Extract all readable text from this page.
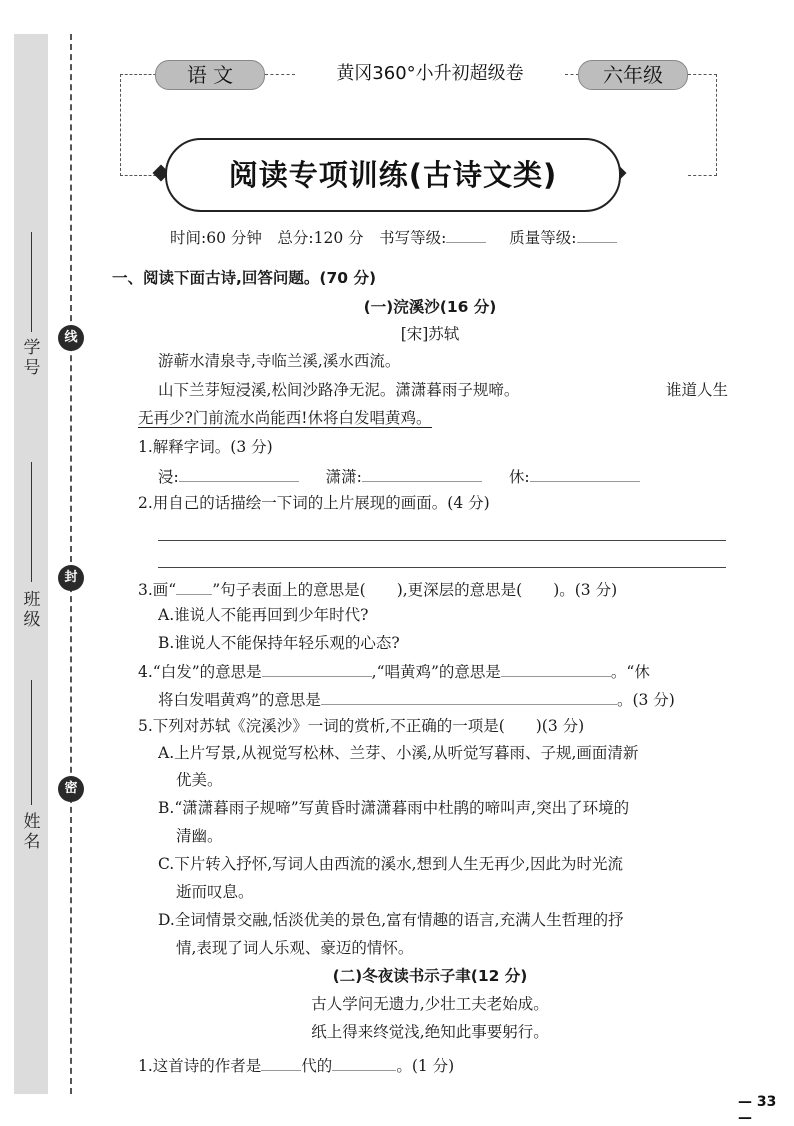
学号
班级
姓名
线
封
密
语 文	黄冈360°小升初超级卷	六年级
阅读专项训练(古诗文类)
时间:60 分钟　总分:120 分　书写等级:	质量等级:
一、阅读下面古诗,回答问题。(70 分)
(一)浣溪沙(16 分)
[宋]苏轼
游蕲水清泉寺,寺临兰溪,溪水西流。
山下兰芽短浸溪,松间沙路净无泥。潇潇暮雨子规啼。	谁道人生
无再少?门前流水尚能西!休将白发唱黄鸡。
1.解释字词。(3 分)
浸:	潇潇:	休:
2.用自己的话描绘一下词的上片展现的画面。(4 分)
3.画“ ”句子表面上的意思是(　　),更深层的意思是(　　)。(3 分)
A.谁说人不能再回到少年时代?
B.谁说人不能保持年轻乐观的心态?
4.“白发”的意思是	,“唱黄鸡”的意思是	。“休
将白发唱黄鸡”的意思是	。(3 分)
5.下列对苏轼《浣溪沙》一词的赏析,不正确的一项是(　　)(3 分)
A.上片写景,从视觉写松林、兰芽、小溪,从听觉写暮雨、子规,画面清新
优美。
B.“潇潇暮雨子规啼”写黄昏时潇潇暮雨中杜鹃的啼叫声,突出了环境的
清幽。
C.下片转入抒怀,写词人由西流的溪水,想到人生无再少,因此为时光流
逝而叹息。
D.全词情景交融,恬淡优美的景色,富有情趣的语言,充满人生哲理的抒
情,表现了词人乐观、豪迈的情怀。
(二)冬夜读书示子聿(12 分)
古人学问无遗力,少壮工夫老始成。
纸上得来终觉浅,绝知此事要躬行。
1.这首诗的作者是	代的	。(1 分)
— 33 —
